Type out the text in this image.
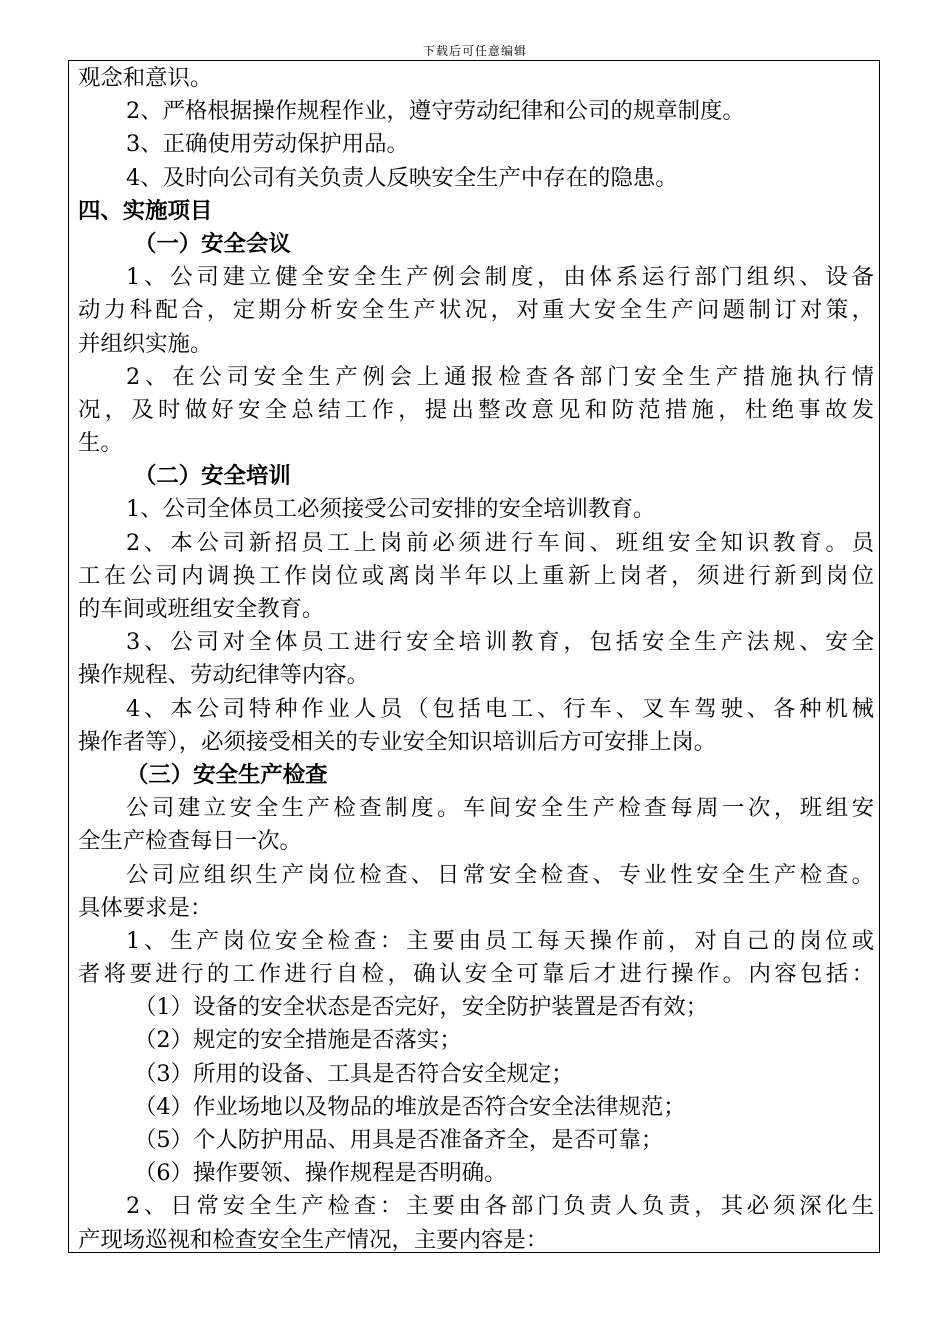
下载后可任意编辑
观念和意识。
2、严格根据操作规程作业，遵守劳动纪律和公司的规章制度。
3、正确使用劳动保护用品。
4、及时向公司有关负责人反映安全生产中存在的隐患。
四、实施项目
（一）安全会议
1、公司建立健全安全生产例会制度，由体系运行部门组织、设备
动力科配合，定期分析安全生产状况，对重大安全生产问题制订对策，
并组织实施。
2、在公司安全生产例会上通报检查各部门安全生产措施执行情
况，及时做好安全总结工作，提出整改意见和防范措施，杜绝事故发
生。
（二）安全培训
1、公司全体员工必须接受公司安排的安全培训教育。
2、本公司新招员工上岗前必须进行车间、班组安全知识教育。员
工在公司内调换工作岗位或离岗半年以上重新上岗者，须进行新到岗位
的车间或班组安全教育。
3、公司对全体员工进行安全培训教育，包括安全生产法规、安全
操作规程、劳动纪律等内容。
4、本公司特种作业人员（包括电工、行车、叉车驾驶、各种机械
操作者等），必须接受相关的专业安全知识培训后方可安排上岗。
（三）安全生产检查
公司建立安全生产检查制度。车间安全生产检查每周一次，班组安
全生产检查每日一次。
公司应组织生产岗位检查、日常安全检查、专业性安全生产检查。
具体要求是：
1、生产岗位安全检查：主要由员工每天操作前，对自己的岗位或
者将要进行的工作进行自检，确认安全可靠后才进行操作。内容包括：
（1）设备的安全状态是否完好，安全防护装置是否有效；
（2）规定的安全措施是否落实；
（3）所用的设备、工具是否符合安全规定；
（4）作业场地以及物品的堆放是否符合安全法律规范；
（5）个人防护用品、用具是否准备齐全，是否可靠；
（6）操作要领、操作规程是否明确。
2、日常安全生产检查：主要由各部门负责人负责，其必须深化生
产现场巡视和检查安全生产情况，主要内容是：
